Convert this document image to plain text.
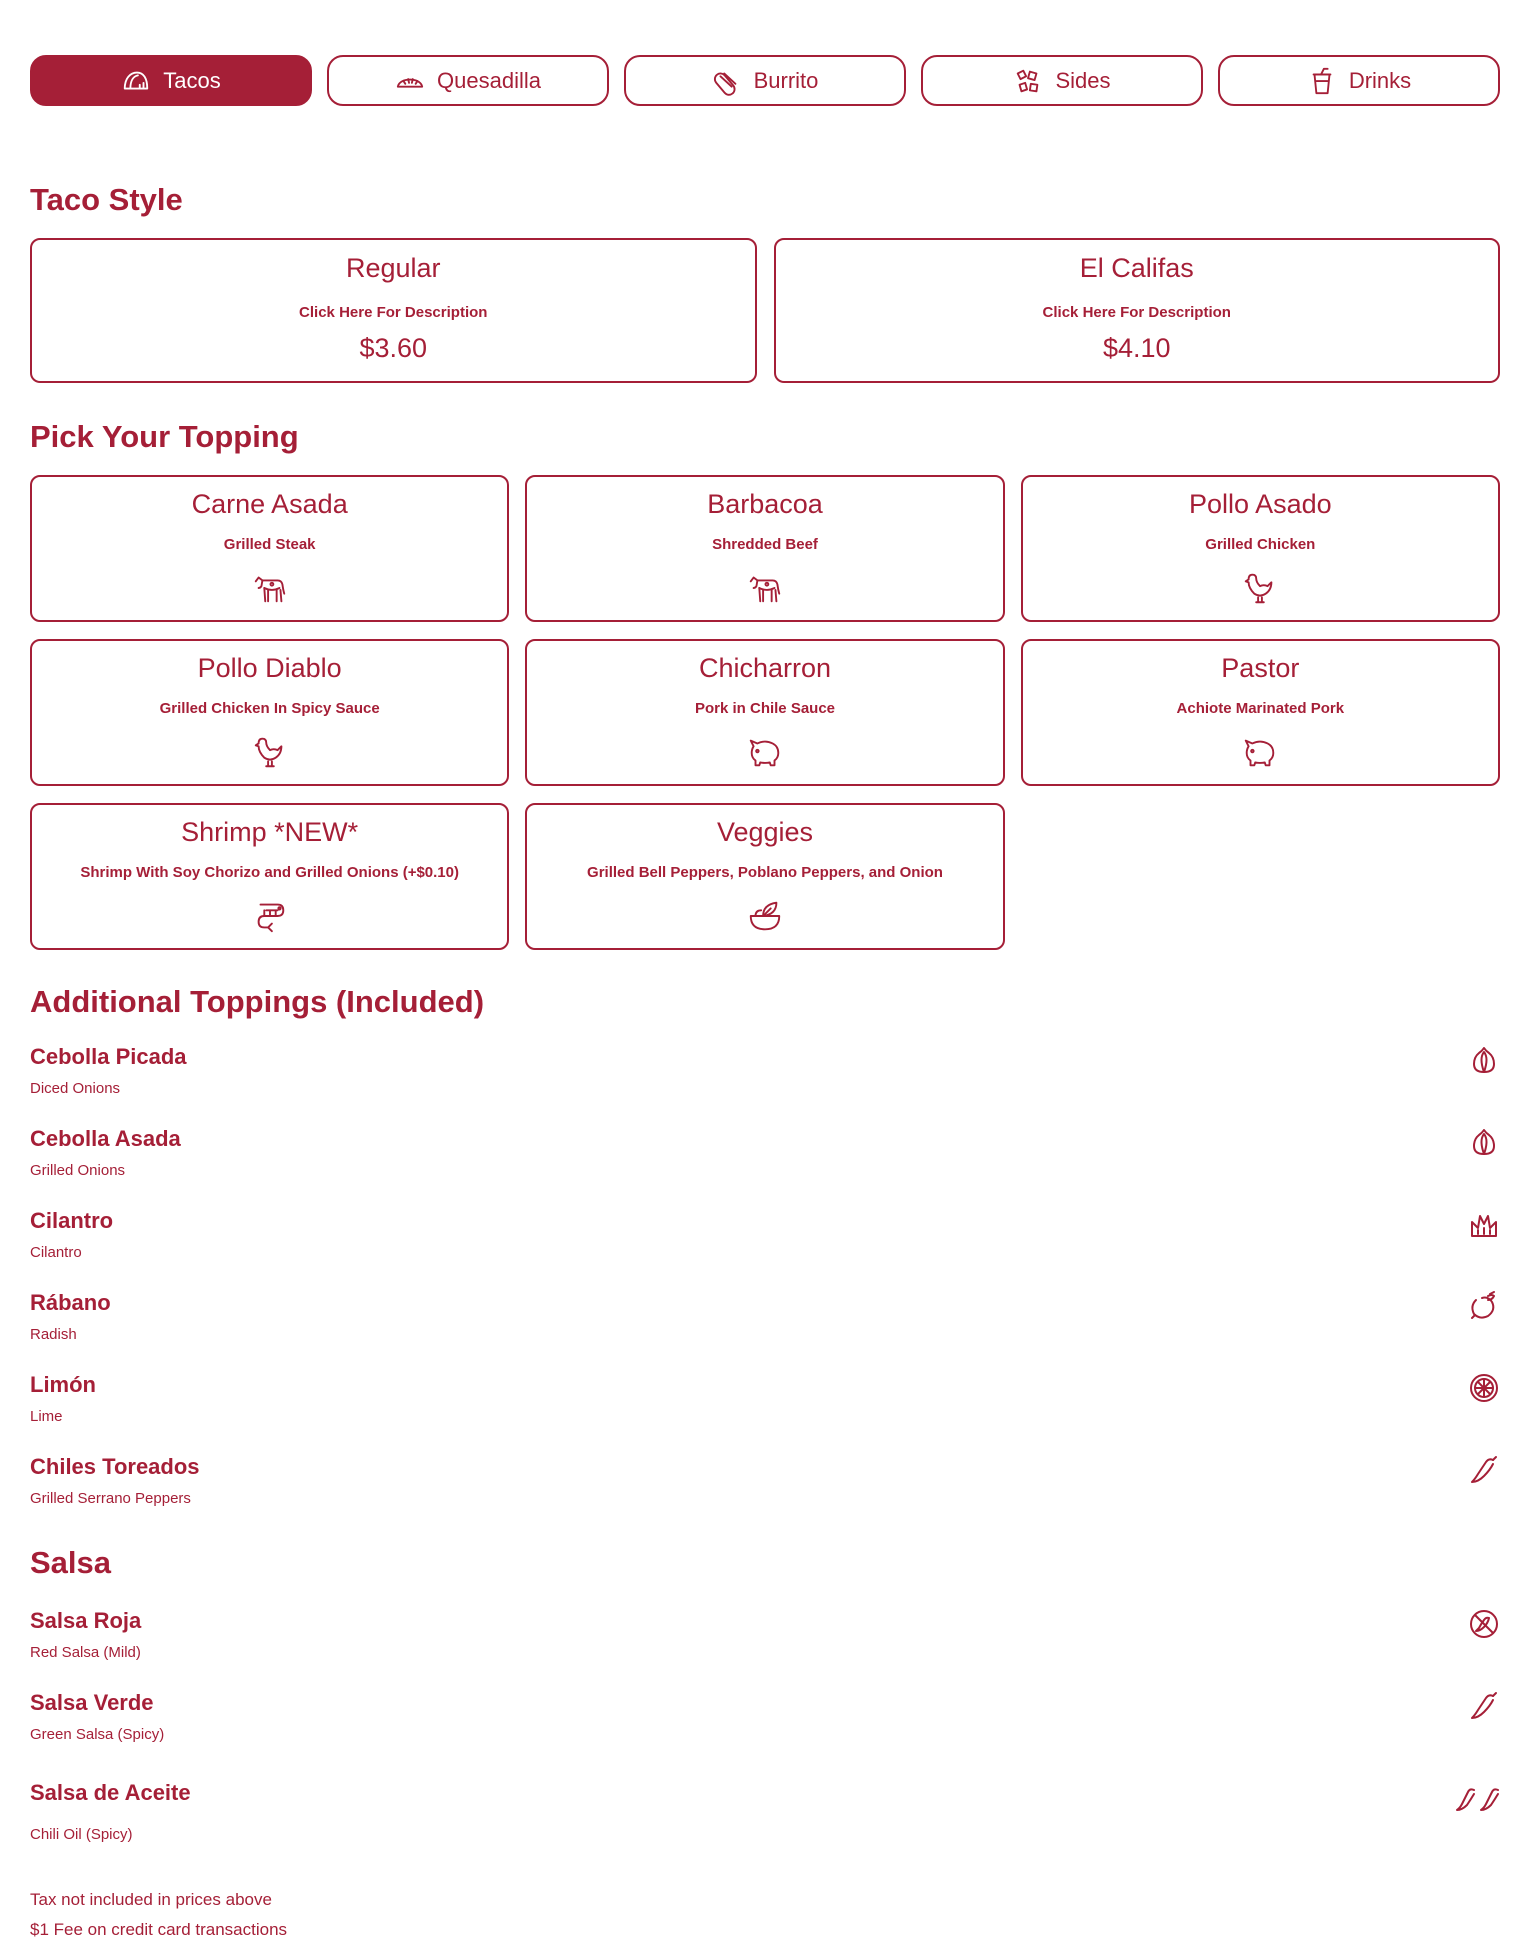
Tacos	Quesadilla	Burrito	Sides	Drinks
Taco Style
Regular
Click Here For Description
$3.60
El Califas
Click Here For Description
$4.10
Pick Your Topping
Carne Asada
Grilled Steak
Barbacoa
Shredded Beef
Pollo Asado
Grilled Chicken
Pollo Diablo
Grilled Chicken In Spicy Sauce
Chicharron
Pork in Chile Sauce
Pastor
Achiote Marinated Pork
Shrimp *NEW*
Shrimp With Soy Chorizo and Grilled Onions (+$0.10)
Veggies
Grilled Bell Peppers, Poblano Peppers, and Onion
Additional Toppings (Included)
Cebolla Picada
Diced Onions
Cebolla Asada
Grilled Onions
Cilantro
Cilantro
Rábano
Radish
Limón
Lime
Chiles Toreados
Grilled Serrano Peppers
Salsa
Salsa Roja
Red Salsa (Mild)
Salsa Verde
Green Salsa (Spicy)
Salsa de Aceite
Chili Oil (Spicy)
Tax not included in prices above
$1 Fee on credit card transactions
